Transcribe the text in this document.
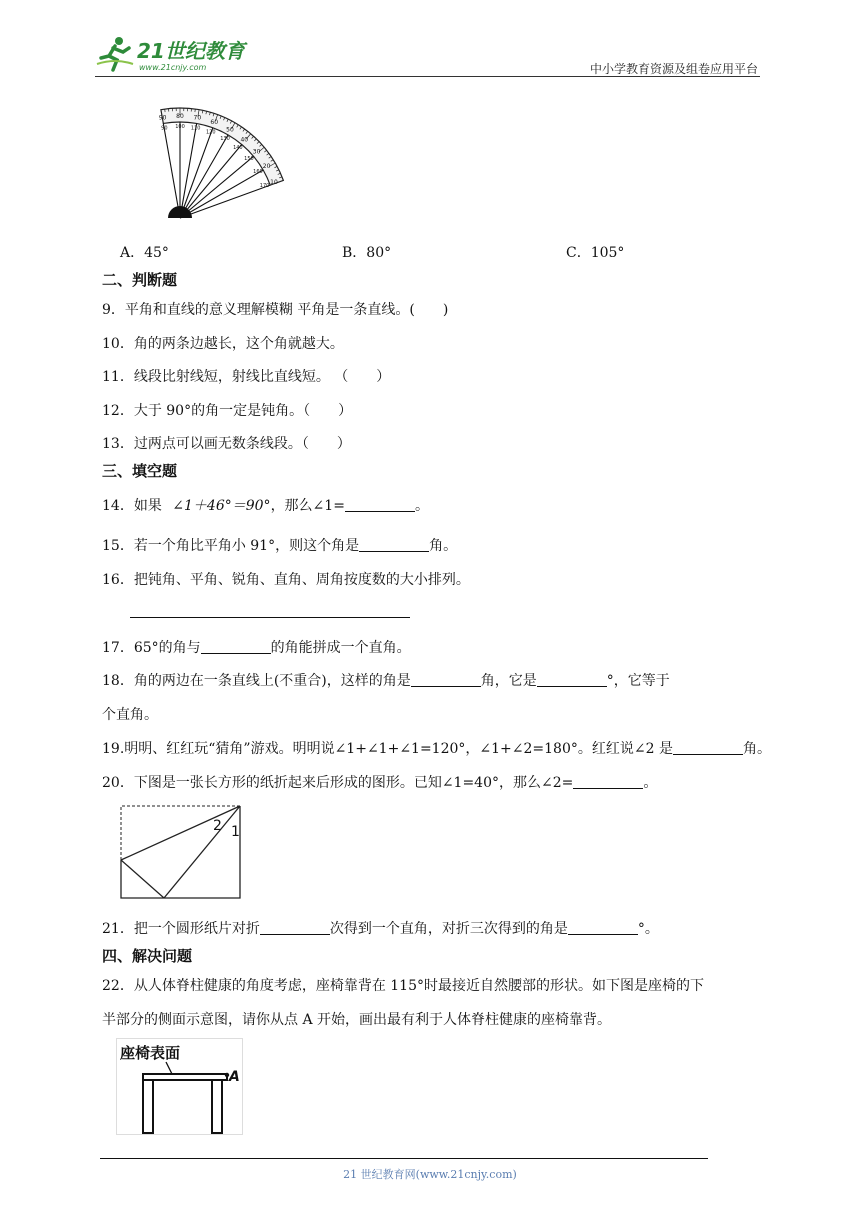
21世纪教育
www.21cnjy.com	中小学教育资源及组卷应用平台
90 80 70
60
50
40
30
20
10
90 100 110
120
130
140
150
160
170
A．45°	B．80°	C．105°
二、判断题
9．平角和直线的意义理解模糊 平角是一条直线。(　　)
10．角的两条边越长，这个角就越大。
11．线段比射线短，射线比直线短。 （　　）
12．大于 90°的角一定是钝角。（　　）
13．过两点可以画无数条线段。（　　）
三、填空题
14．如果 ∠1＋46°＝90°，那么∠1=	。
15．若一个角比平角小 91°，则这个角是	角。
16．把钝角、平角、锐角、直角、周角按度数的大小排列。
17．65°的角与	的角能拼成一个直角。
18．角的两边在一条直线上(不重合)，这样的角是	角，它是	°，它等于
个直角。
19.明明、红红玩“猜角”游戏。明明说∠1+∠1+∠1=120°，∠1+∠2=180°。红红说∠2 是	角。
20．下图是一张长方形的纸折起来后形成的图形。已知∠1=40°，那么∠2=	。
2 1
21．把一个圆形纸片对折	次得到一个直角，对折三次得到的角是	°。
四、解决问题
22．从人体脊柱健康的角度考虑，座椅靠背在 115°时最接近自然腰部的形状。如下图是座椅的下
半部分的侧面示意图，请你从点 A 开始，画出最有利于人体脊柱健康的座椅靠背。
座椅表面
A
21 世纪教育网(www.21cnjy.com)
